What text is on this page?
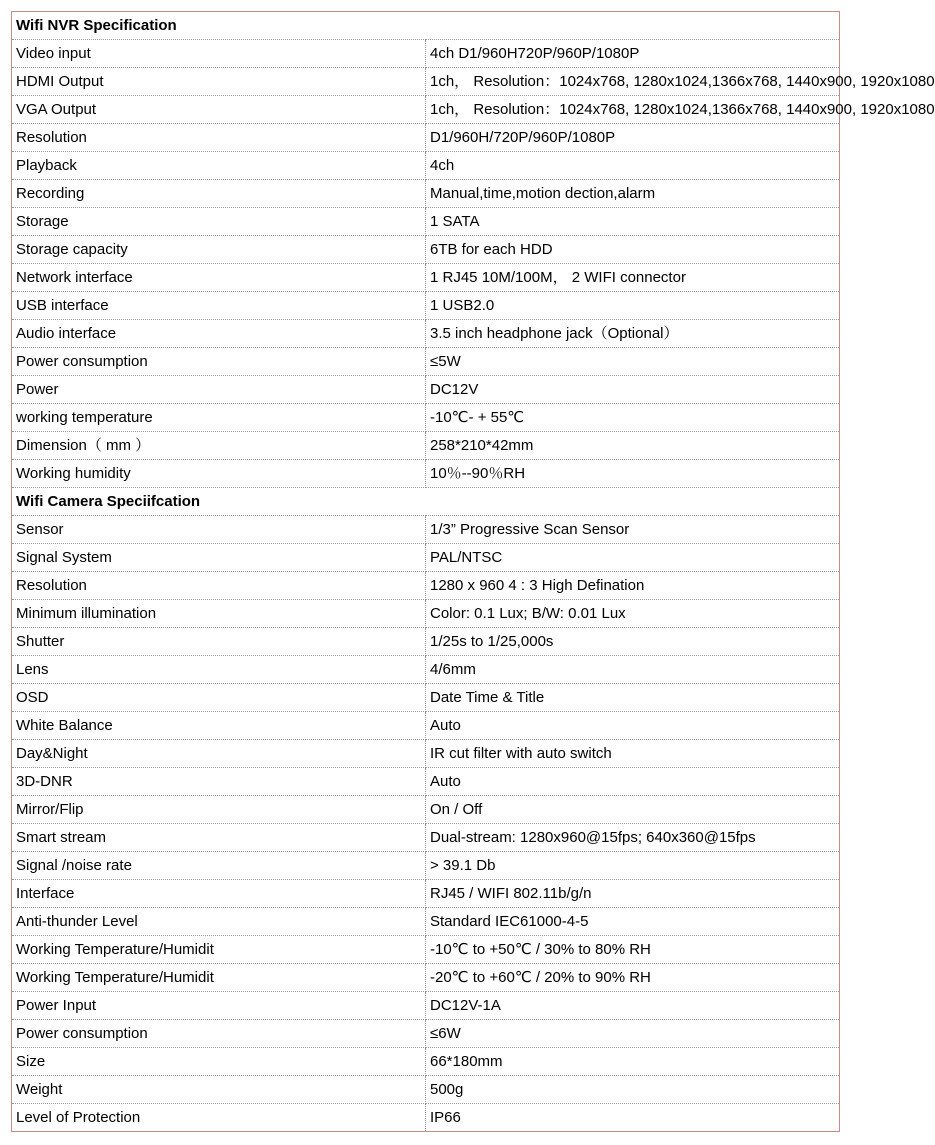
Wifi NVR Specification	
Video input	4ch D1/960H720P/960P/1080P
HDMI Output	1ch， Resolution：1024x768, 1280x1024,1366x768, 1440x900, 1920x1080
VGA Output	1ch， Resolution：1024x768, 1280x1024,1366x768, 1440x900, 1920x1080
Resolution	D1/960H/720P/960P/1080P
Playback	4ch
Recording	Manual,time,motion dection,alarm
Storage	1 SATA
Storage capacity	6TB for each HDD
Network interface	1 RJ45 10M/100M， 2 WIFI connector
USB interface	1 USB2.0
Audio interface	3.5 inch headphone jack（Optional）
Power consumption	≤5W
Power	DC12V
working temperature	-10℃- + 55℃
Dimension（ mm ）	258*210*42mm
Working humidity	10％--90％RH
Wifi Camera Speciifcation	
Sensor	1/3” Progressive Scan Sensor
Signal System	PAL/NTSC
Resolution	1280 x 960 4 : 3 High Defination
Minimum illumination	Color: 0.1 Lux; B/W: 0.01 Lux
Shutter	1/25s to 1/25,000s
Lens	4/6mm
OSD	Date Time & Title
White Balance	Auto
Day&Night	IR cut filter with auto switch
3D-DNR	Auto
Mirror/Flip	On / Off
Smart stream	Dual-stream: 1280x960@15fps; 640x360@15fps
Signal /noise rate	> 39.1 Db
Interface	RJ45 / WIFI 802.11b/g/n
Anti-thunder Level	Standard IEC61000-4-5
Working Temperature/Humidit	-10℃ to +50℃ / 30% to 80% RH
Working Temperature/Humidit	-20℃ to +60℃ / 20% to 90% RH
Power Input	DC12V-1A
Power consumption	≤6W
Size	66*180mm
Weight	500g
Level of Protection	IP66
